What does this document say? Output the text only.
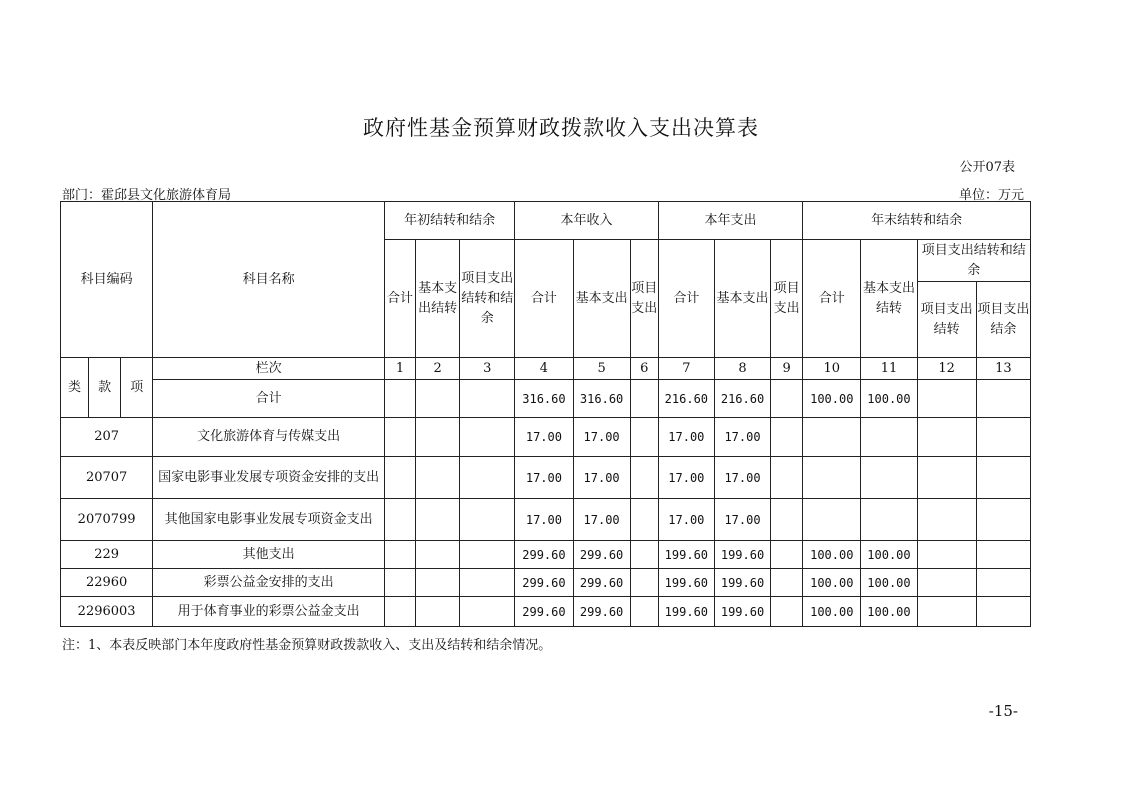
政府性基金预算财政拨款收入支出决算表
公开07表
部门：霍邱县文化旅游体育局	单位：万元
科目编码			科目名称	年初结转和结余			本年收入			本年支出			年末结转和结余			
				合计	基本支出结转	项目支出结转和结余	合计	基本支出	项目支出	合计	基本支出	项目支出	合计	基本支出结转	项目支出结转和结余	
															项目支出结转	项目支出结余
类	款	项	栏次	1	2	3	4	5	6	7	8	9	10	11	12	13
			合计				316.60	316.60		216.60	216.60		100.00	100.00		
207			文化旅游体育与传媒支出				17.00	17.00		17.00	17.00					
20707			国家电影事业发展专项资金安排的支出				17.00	17.00		17.00	17.00					
2070799			其他国家电影事业发展专项资金支出				17.00	17.00		17.00	17.00					
229			其他支出				299.60	299.60		199.60	199.60		100.00	100.00		
22960			彩票公益金安排的支出				299.60	299.60		199.60	199.60		100.00	100.00		
2296003			用于体育事业的彩票公益金支出				299.60	299.60		199.60	199.60		100.00	100.00		
注：1、本表反映部门本年度政府性基金预算财政拨款收入、支出及结转和结余情况。
-15-
